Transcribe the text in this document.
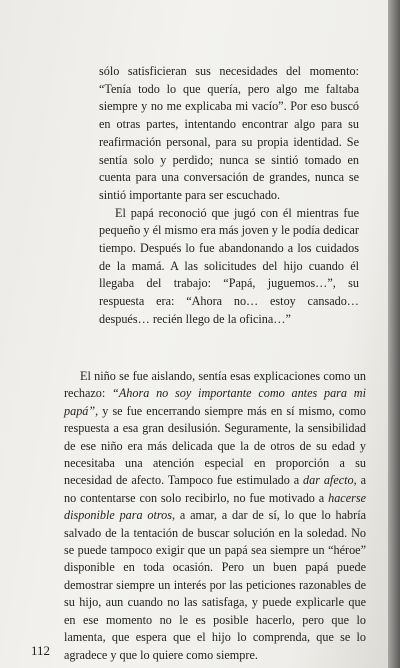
sólo satisficieran sus necesidades del momento: “Tenía todo lo que quería, pero algo me faltaba siempre y no me explicaba mi vacío”. Por eso buscó en otras partes, intentando encontrar algo para su reafirmación personal, para su propia identidad. Se sentía solo y perdido; nunca se sintió tomado en cuenta para una conversación de grandes, nunca se sintió importante para ser escuchado.

El papá reconoció que jugó con él mientras fue pequeño y él mismo era más joven y le podía dedicar tiempo. Después lo fue abandonando a los cuidados de la mamá. A las solicitudes del hijo cuando él llegaba del trabajo: “Papá, juguemos…”, su respuesta era: “Ahora no… estoy cansado… después… recién llego de la oficina…”

El niño se fue aislando, sentía esas explicaciones como un rechazo: “Ahora no soy importante como antes para mi papá”, y se fue encerrando siempre más en sí mismo, como respuesta a esa gran desilusión. Seguramente, la sensibilidad de ese niño era más delicada que la de otros de su edad y necesitaba una atención especial en proporción a su necesidad de afecto. Tampoco fue estimulado a dar afecto, a no contentarse con solo recibirlo, no fue motivado a hacerse disponible para otros, a amar, a dar de sí, lo que lo habría salvado de la tentación de buscar solución en la soledad. No se puede tampoco exigir que un papá sea siempre un “héroe” disponible en toda ocasión. Pero un buen papá puede demostrar siempre un interés por las peticiones razonables de su hijo, aun cuando no las satisfaga, y puede explicarle que en ese momento no le es posible hacerlo, pero que lo lamenta, que espera que el hijo lo comprenda, que se lo agradece y que lo quiere como siempre.

112
